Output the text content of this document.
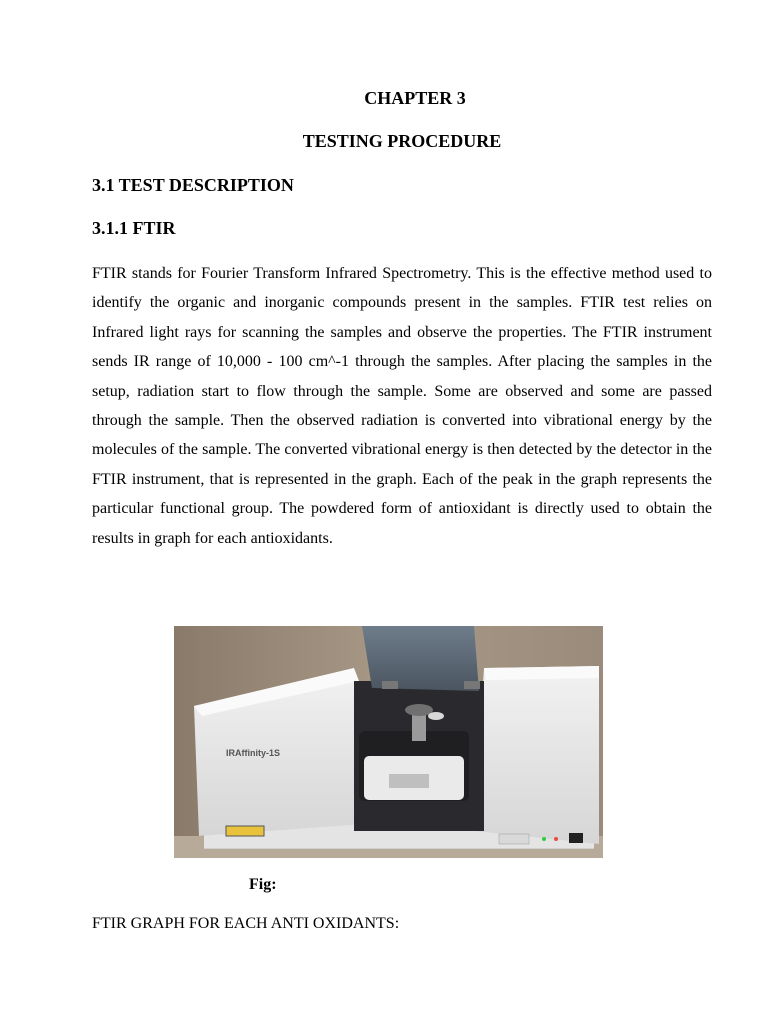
CHAPTER 3
TESTING PROCEDURE
3.1 TEST DESCRIPTION
3.1.1 FTIR

FTIR stands for Fourier Transform Infrared Spectrometry. This is the effective method used to identify the organic and inorganic compounds present in the samples. FTIR test relies on Infrared light rays for scanning the samples and observe the properties. The FTIR instrument sends IR range of 10,000 - 100 cm^-1 through the samples. After placing the samples in the setup, radiation start to flow through the sample. Some are observed and some are passed through the sample. Then the observed radiation is converted into vibrational energy by the molecules of the sample. The converted vibrational energy is then detected by the detector in the FTIR instrument, that is represented in the graph. Each of the peak in the graph represents the particular functional group. The powdered form of antioxidant is directly used to obtain the results in graph for each antioxidants.

IRAffinity-1S

Fig:

FTIR GRAPH FOR EACH ANTI OXIDANTS:
